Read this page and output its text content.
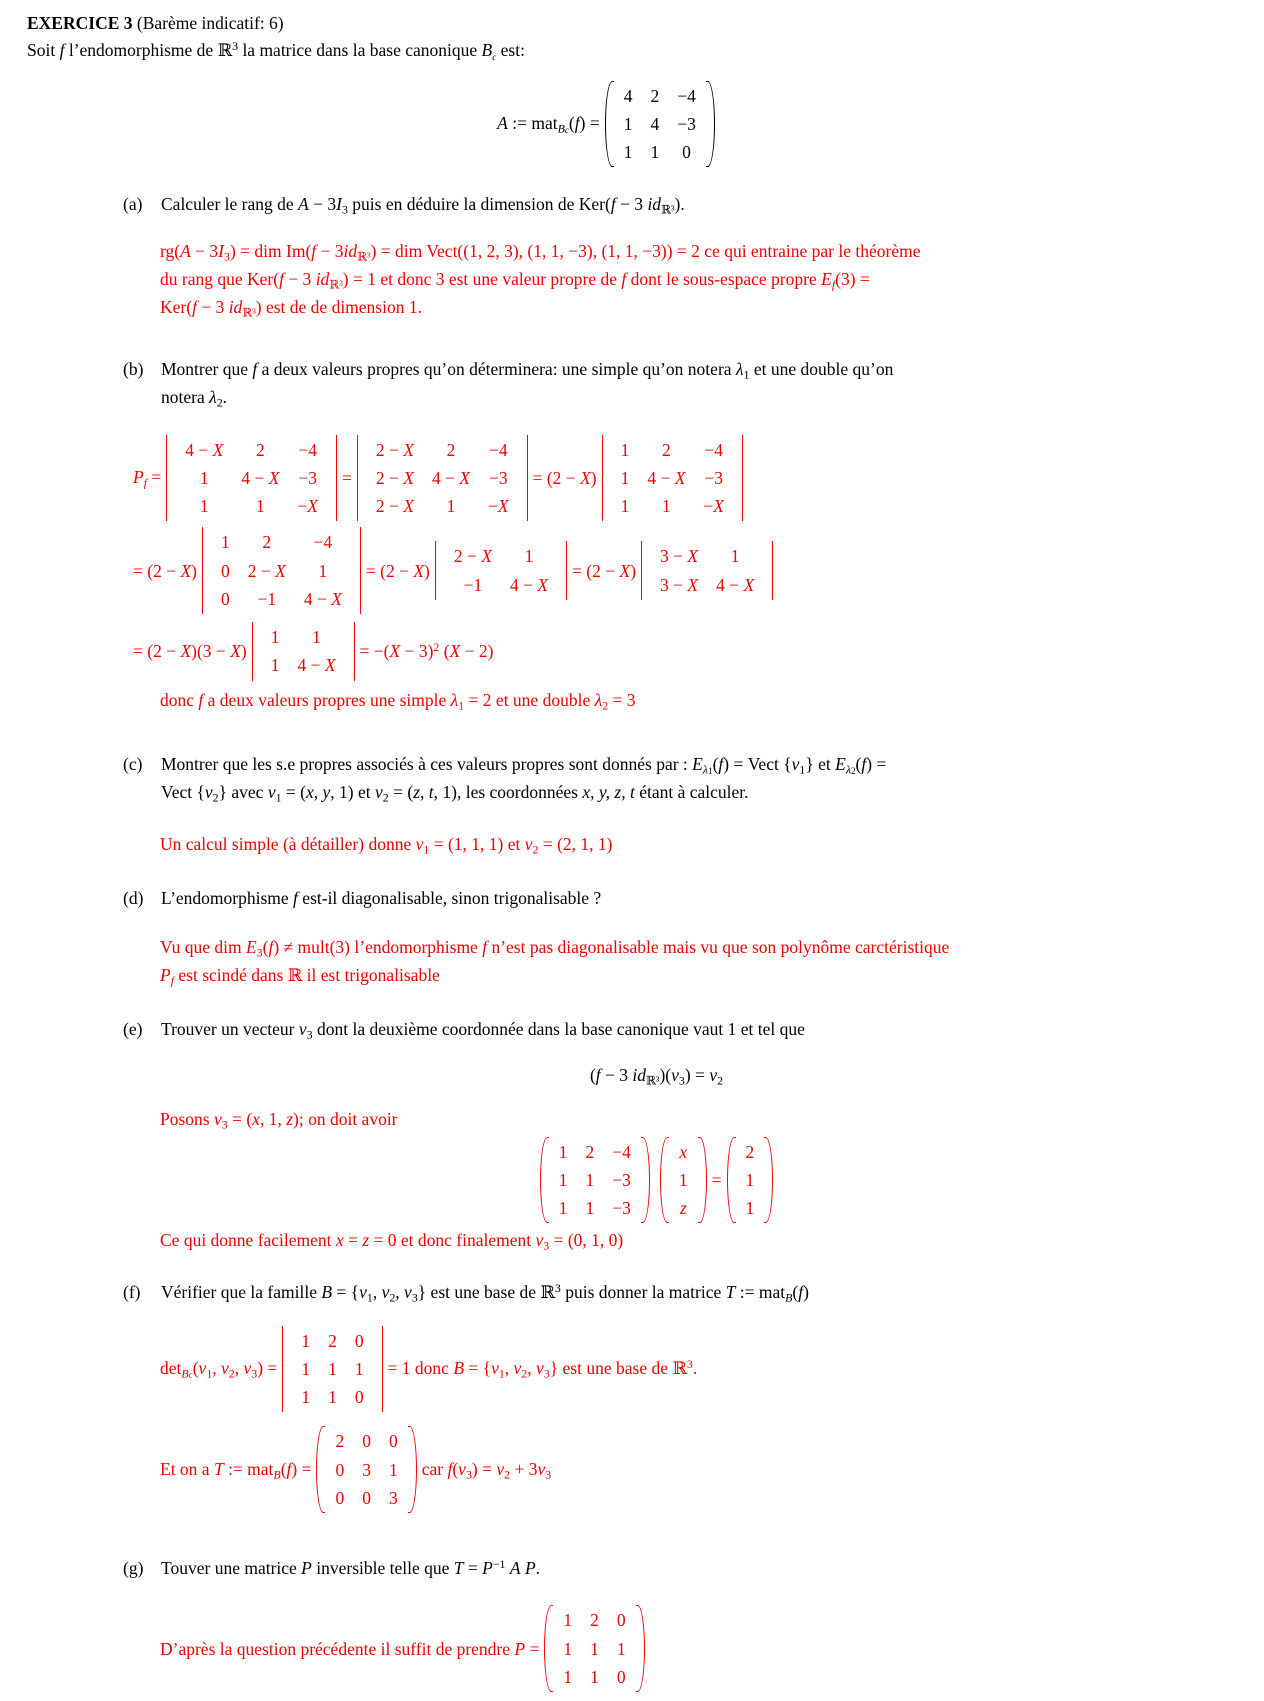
EXERCICE 3 (Barème indicatif: 6)
Soit f l’endomorphisme de ℝ$^3$ la matrice dans la base canonique $B_c$ est:
A := matB$_c$(f) =
4	2	−4
1	4	−3
1	1	0
(a)	Calculer le rang de A − 3I3 puis en déduire la dimension de Ker(f − 3 idℝ³).
rg(A − 3I3) = dim Im(f − 3idℝ³) = dim Vect((1, 2, 3), (1, 1, −3), (1, 1, −3)) = 2 ce qui entraine par le théorème
du rang que Ker(f − 3 idℝ³) = 1 et donc 3 est une valeur propre de f dont le sous-espace propre Ef(3) =
Ker(f − 3 idℝ³) est de de dimension 1.
(b)	Montrer que f a deux valeurs propres qu’on déterminera: une simple qu’on notera λ1 et une double qu’on
notera λ2.
Pf =
4 − X	2	−4
1	4 − X	−3
1	1	−X
=
2 − X	2	−4
2 − X	4 − X	−3
2 − X	1	−X
= (2 − X)
1	2	−4
1	4 − X	−3
1	1	−X
= (2 − X)
1	2	−4
0	2 − X	1
0	−1	4 − X
= (2 − X)
2 − X	1
−1	4 − X
= (2 − X)
3 − X	1
3 − X	4 − X
= (2 − X)(3 − X)
1	1
1	4 − X
= $-(X - 3)^2$ (X − 2)
donc f a deux valeurs propres une simple λ1 = 2 et une double λ2 = 3
(c)	Montrer que les s.e propres associés à ces valeurs propres sont donnés par : $E\lambda_1(f)$ = Vect {v1} et $E\lambda_2(f)$ =
Vect {v2} avec v1 = (x, y, 1) et v2 = (z, t, 1), les coordonnées x, y, z, t étant à calculer.
Un calcul simple (à détailler) donne v1 = (1, 1, 1) et v2 = (2, 1, 1)
(d)	L’endomorphisme f est-il diagonalisable, sinon trigonalisable ?
Vu que dim E3(f) ≠ mult(3) l’endomorphisme f n’est pas diagonalisable mais vu que son polynôme carctéristique
Pf est scindé dans ℝ il est trigonalisable
(e)	Trouver un vecteur v3 dont la deuxième coordonnée dans la base canonique vaut 1 et tel que
(f − 3 idℝ³)(v3) = v2
Posons v3 = (x, 1, z); on doit avoir
1	2	−4
1	1	−3
1	1	−3
x
1
z
=
2
1
1
Ce qui donne facilement x = z = 0 et donc finalement v3 = (0, 1, 0)
(f)	Vérifier que la famille B = {v1, v2, v3} est une base de ℝ$^3$ puis donner la matrice T := matB(f)
detB$_c$(v1, v2, v3) =
1	2	0
1	1	1
1	1	0
= 1 donc B = {v1, v2, v3} est une base de ℝ$^3$.
Et on a T := matB(f) =
2	0	0
0	3	1
0	0	3
car f(v3) = v2 + 3v3
(g)	Touver une matrice P inversible telle que $T = P^{-1}$ A P.
D’après la question précédente il suffit de prendre P =
1	2	0
1	1	1
1	1	0
